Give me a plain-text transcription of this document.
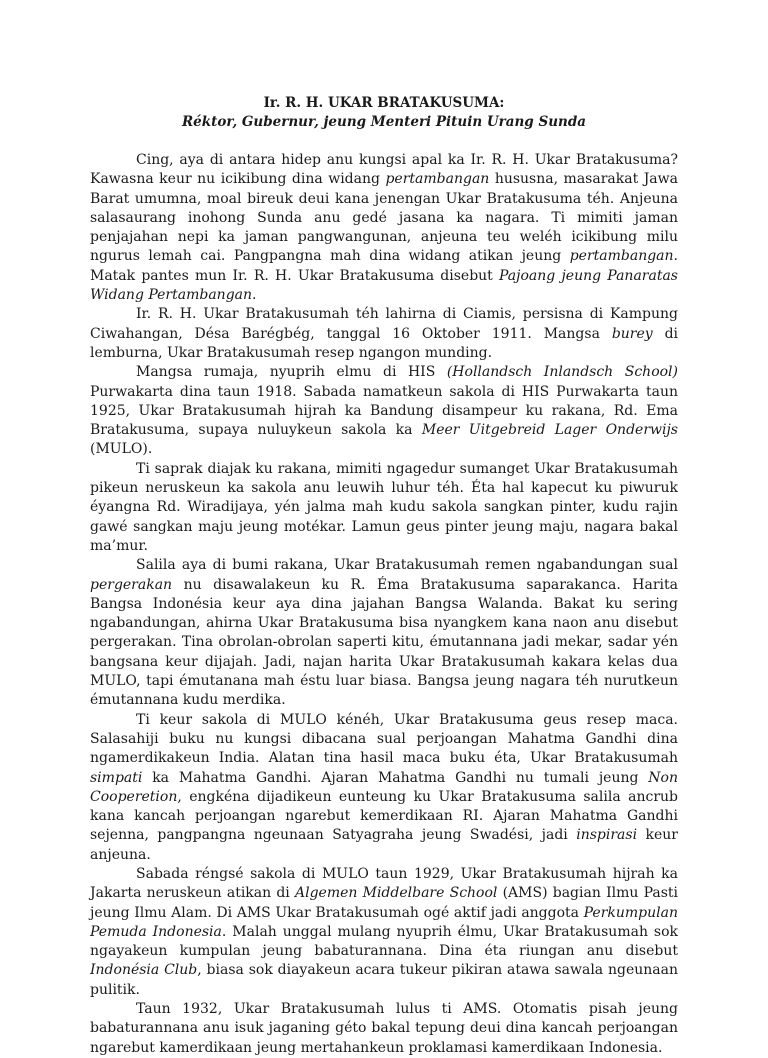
Ir. R. H. UKAR BRATAKUSUMA:
Réktor, Gubernur, jeung Menteri Pituin Urang Sunda

Cing, aya di antara hidep anu kungsi apal ka Ir. R. H. Ukar Bratakusuma? Kawasna keur nu icikibung dina widang pertambangan hususna, masarakat Jawa Barat umumna, moal bireuk deui kana jenengan Ukar Bratakusuma téh. Anjeuna salasaurang inohong Sunda anu gedé jasana ka nagara. Ti mimiti jaman penjajahan nepi ka jaman pangwangunan, anjeuna teu weléh icikibung milu ngurus lemah cai. Pangpangna mah dina widang atikan jeung pertambangan. Matak pantes mun Ir. R. H. Ukar Bratakusuma disebut Pajoang jeung Panaratas Widang Pertambangan.

Ir. R. H. Ukar Bratakusumah téh lahirna di Ciamis, persisna di Kampung Ciwahangan, Désa Barégbég, tanggal 16 Oktober 1911. Mangsa burey di lemburna, Ukar Bratakusumah resep ngangon munding.

Mangsa rumaja, nyuprih elmu di HIS (Hollandsch Inlandsch School) Purwakarta dina taun 1918. Sabada namatkeun sakola di HIS Purwakarta taun 1925, Ukar Bratakusumah hijrah ka Bandung disampeur ku rakana, Rd. Ema Bratakusuma, supaya nuluykeun sakola ka Meer Uitgebreid Lager Onderwijs (MULO).

Ti saprak diajak ku rakana, mimiti ngagedur sumanget Ukar Bratakusumah pikeun neruskeun ka sakola anu leuwih luhur téh. Éta hal kapecut ku piwuruk éyangna Rd. Wiradijaya, yén jalma mah kudu sakola sangkan pinter, kudu rajin gawé sangkan maju jeung motékar. Lamun geus pinter jeung maju, nagara bakal ma’mur.

Salila aya di bumi rakana, Ukar Bratakusumah remen ngabandungan sual pergerakan nu disawalakeun ku R. Éma Bratakusuma saparakanca. Harita Bangsa Indonésia keur aya dina jajahan Bangsa Walanda. Bakat ku sering ngabandungan, ahirna Ukar Bratakusuma bisa nyangkem kana naon anu disebut pergerakan. Tina obrolan-obrolan saperti kitu, émutannana jadi mekar, sadar yén bangsana keur dijajah. Jadi, najan harita Ukar Bratakusumah kakara kelas dua MULO, tapi émutanana mah éstu luar biasa. Bangsa jeung nagara téh nurutkeun émutannana kudu merdika.

Ti keur sakola di MULO kénéh, Ukar Bratakusuma geus resep maca. Salasahiji buku nu kungsi dibacana sual perjoangan Mahatma Gandhi dina ngamerdikakeun India. Alatan tina hasil maca buku éta, Ukar Bratakusumah simpati ka Mahatma Gandhi. Ajaran Mahatma Gandhi nu tumali jeung Non Cooperetion, engkéna dijadikeun eunteung ku Ukar Bratakusuma salila ancrub kana kancah perjoangan ngarebut kemerdikaan RI. Ajaran Mahatma Gandhi sejenna, pangpangna ngeunaan Satyagraha jeung Swadési, jadi inspirasi keur anjeuna.

Sabada réngsé sakola di MULO taun 1929, Ukar Bratakusumah hijrah ka Jakarta neruskeun atikan di Algemen Middelbare School (AMS) bagian Ilmu Pasti jeung Ilmu Alam. Di AMS Ukar Bratakusumah ogé aktif jadi anggota Perkumpulan Pemuda Indonesia. Malah unggal mulang nyuprih élmu, Ukar Bratakusumah sok ngayakeun kumpulan jeung babaturannana. Dina éta riungan anu disebut Indonésia Club, biasa sok diayakeun acara tukeur pikiran atawa sawala ngeunaan pulitik.

Taun 1932, Ukar Bratakusumah lulus ti AMS. Otomatis pisah jeung babaturannana anu isuk jaganing géto bakal tepung deui dina kancah perjoangan ngarebut kamerdikaan jeung mertahankeun proklamasi kamerdikaan Indonesia.
